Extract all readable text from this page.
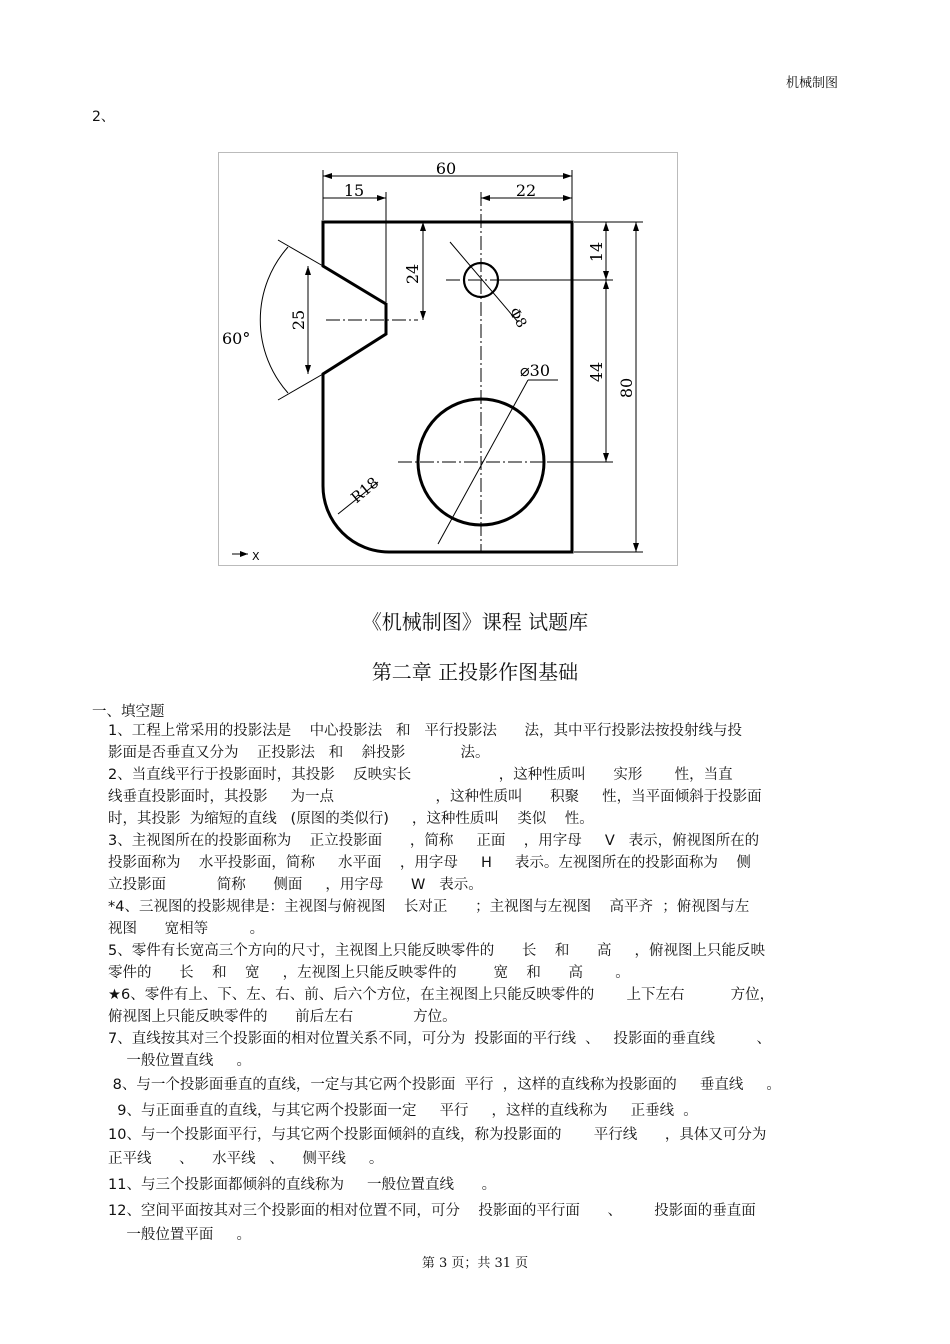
机械制图
2、
60
15	22
24
25
14
44
80
Φ8
⌀30
R18
60°
X
《机械制图》课程 试题库
第二章 正投影作图基础
一、填空题
1、工程上常采用的投影法是    中心投影法   和   平行投影法      法，其中平行投影法按投射线与投
影面是否垂直又分为    正投影法   和    斜投影            法。
2、当直线平行于投影面时，其投影    反映实长                   ，这种性质叫      实形       性，当直
线垂直投影面时，其投影     为一点                      ，这种性质叫      积聚     性，当平面倾斜于投影面
时，其投影  为缩短的直线   (原图的类似行)     ，这种性质叫    类似    性。
3、主视图所在的投影面称为    正立投影面      ，简称     正面    ，用字母     V   表示，俯视图所在的
投影面称为    水平投影面，简称     水平面    ，用字母     H     表示。左视图所在的投影面称为    侧
立投影面           简称      侧面     ，用字母      W   表示。
*4、三视图的投影规律是：主视图与俯视图    长对正      ；主视图与左视图    高平齐  ；俯视图与左
视图      宽相等         。
5、零件有长宽高三个方向的尺寸，主视图上只能反映零件的      长    和      高     ，俯视图上只能反映
零件的      长    和    宽     ，左视图上只能反映零件的        宽    和      高       。
★6、零件有上、下、左、右、前、后六个方位，在主视图上只能反映零件的       上下左右          方位，
俯视图上只能反映零件的      前后左右             方位。
7、直线按其对三个投影面的相对位置关系不同，可分为  投影面的平行线  、   投影面的垂直线         、
一般位置直线     。
8、与一个投影面垂直的直线，一定与其它两个投影面  平行  ，这样的直线称为投影面的     垂直线     。
9、与正面垂直的直线，与其它两个投影面一定     平行     ，这样的直线称为     正垂线  。
10、与一个投影面平行，与其它两个投影面倾斜的直线，称为投影面的       平行线      ，具体又可分为
正平线      、    水平线   、    侧平线     。
11、与三个投影面都倾斜的直线称为     一般位置直线      。
12、空间平面按其对三个投影面的相对位置不同，可分    投影面的平行面      、       投影面的垂直面
一般位置平面     。
第 3 页；共 31 页
